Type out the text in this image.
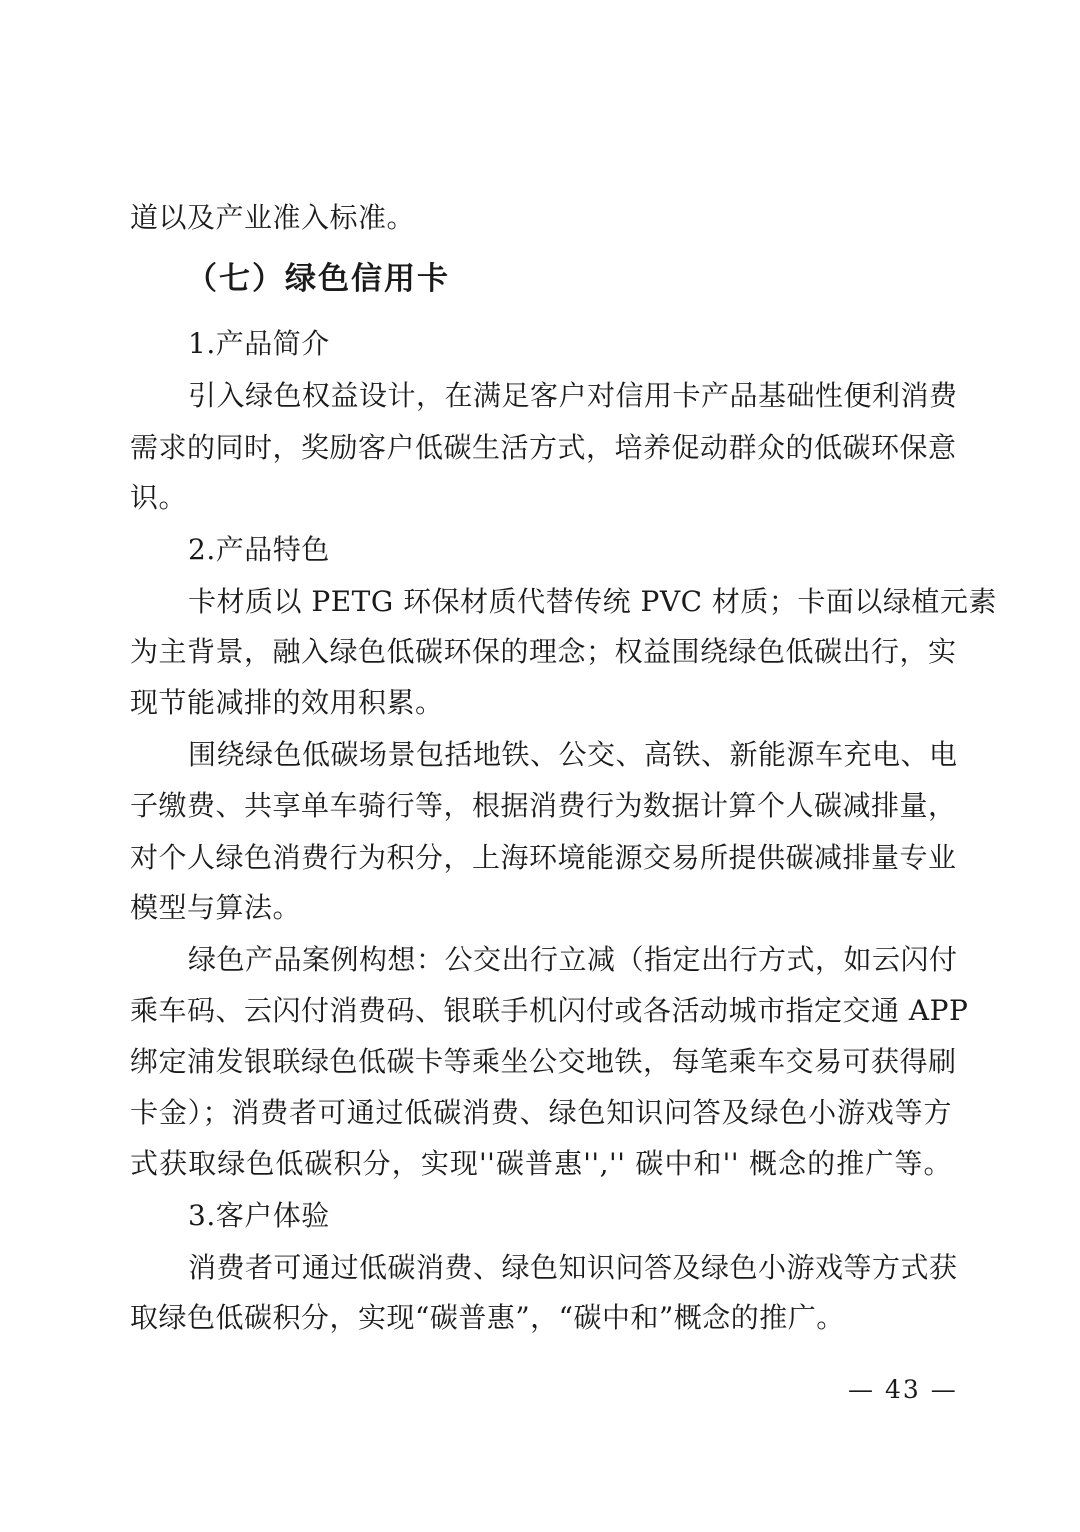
道以及产业准入标准。
（七）绿色信用卡
1.产品简介
引入绿色权益设计，在满足客户对信用卡产品基础性便利消费
需求的同时，奖励客户低碳生活方式，培养促动群众的低碳环保意
识。
2.产品特色
卡材质以 PETG 环保材质代替传统 PVC 材质；卡面以绿植元素
为主背景，融入绿色低碳环保的理念；权益围绕绿色低碳出行，实
现节能减排的效用积累。
围绕绿色低碳场景包括地铁、公交、高铁、新能源车充电、电
子缴费、共享单车骑行等，根据消费行为数据计算个人碳减排量，
对个人绿色消费行为积分，上海环境能源交易所提供碳减排量专业
模型与算法。
绿色产品案例构想：公交出行立减（指定出行方式，如云闪付
乘车码、云闪付消费码、银联手机闪付或各活动城市指定交通 APP
绑定浦发银联绿色低碳卡等乘坐公交地铁，每笔乘车交易可获得刷
卡金）；消费者可通过低碳消费、绿色知识问答及绿色小游戏等方
式获取绿色低碳积分，实现''碳普惠'','' 碳中和'' 概念的推广等。
3.客户体验
消费者可通过低碳消费、绿色知识问答及绿色小游戏等方式获
取绿色低碳积分，实现“碳普惠”，“碳中和”概念的推广。
— 43 —
